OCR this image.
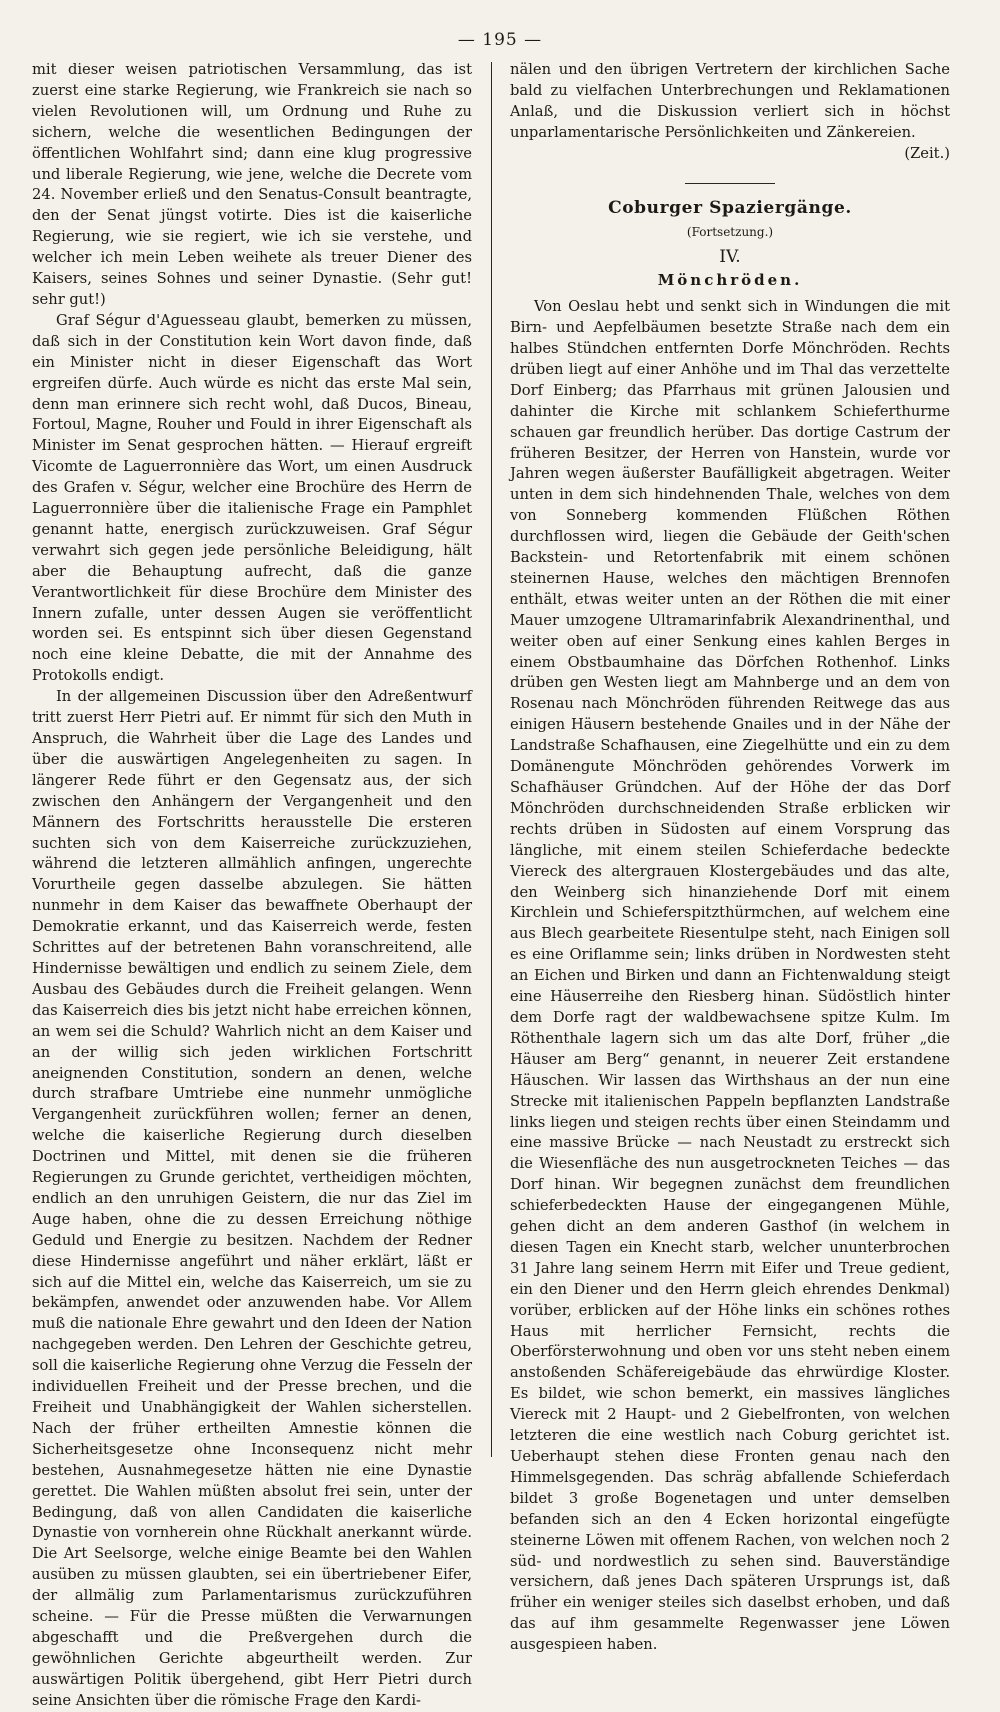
— 195 —

mit dieser weisen patriotischen Versammlung, das ist zuerst eine starke Regierung, wie Frankreich sie nach so vielen Revolutionen will, um Ordnung und Ruhe zu sichern, welche die wesentlichen Bedingungen der öffentlichen Wohlfahrt sind; dann eine klug progressive und liberale Regierung, wie jene, welche die Decrete vom 24. November erließ und den Senatus-Consult beantragte, den der Senat jüngst votirte. Dies ist die kaiserliche Regierung, wie sie regiert, wie ich sie verstehe, und welcher ich mein Leben weihete als treuer Diener des Kaisers, seines Sohnes und seiner Dynastie. (Sehr gut! sehr gut!)

Graf Ségur d'Aguesseau glaubt, bemerken zu müssen, daß sich in der Constitution kein Wort davon finde, daß ein Minister nicht in dieser Eigenschaft das Wort ergreifen dürfe. Auch würde es nicht das erste Mal sein, denn man erinnere sich recht wohl, daß Ducos, Bineau, Fortoul, Magne, Rouher und Fould in ihrer Eigenschaft als Minister im Senat gesprochen hätten. — Hierauf ergreift Vicomte de Laguerronnière das Wort, um einen Ausdruck des Grafen v. Ségur, welcher eine Brochüre des Herrn de Laguerronnière über die italienische Frage ein Pamphlet genannt hatte, energisch zurückzuweisen. Graf Ségur verwahrt sich gegen jede persönliche Beleidigung, hält aber die Behauptung aufrecht, daß die ganze Verantwortlichkeit für diese Brochüre dem Minister des Innern zufalle, unter dessen Augen sie veröffentlicht worden sei. Es entspinnt sich über diesen Gegenstand noch eine kleine Debatte, die mit der Annahme des Protokolls endigt.

In der allgemeinen Discussion über den Adreßentwurf tritt zuerst Herr Pietri auf. Er nimmt für sich den Muth in Anspruch, die Wahrheit über die Lage des Landes und über die auswärtigen Angelegenheiten zu sagen. In längerer Rede führt er den Gegensatz aus, der sich zwischen den Anhängern der Vergangenheit und den Männern des Fortschritts herausstelle Die ersteren suchten sich von dem Kaiserreiche zurückzuziehen, während die letzteren allmählich anfingen, ungerechte Vorurtheile gegen dasselbe abzulegen. Sie hätten nunmehr in dem Kaiser das bewaffnete Oberhaupt der Demokratie erkannt, und das Kaiserreich werde, festen Schrittes auf der betretenen Bahn voranschreitend, alle Hindernisse bewältigen und endlich zu seinem Ziele, dem Ausbau des Gebäudes durch die Freiheit gelangen. Wenn das Kaiserreich dies bis jetzt nicht habe erreichen können, an wem sei die Schuld? Wahrlich nicht an dem Kaiser und an der willig sich jeden wirklichen Fortschritt aneignenden Constitution, sondern an denen, welche durch strafbare Umtriebe eine nunmehr unmögliche Vergangenheit zurückführen wollen; ferner an denen, welche die kaiserliche Regierung durch dieselben Doctrinen und Mittel, mit denen sie die früheren Regierungen zu Grunde gerichtet, vertheidigen möchten, endlich an den unruhigen Geistern, die nur das Ziel im Auge haben, ohne die zu dessen Erreichung nöthige Geduld und Energie zu besitzen. Nachdem der Redner diese Hindernisse angeführt und näher erklärt, läßt er sich auf die Mittel ein, welche das Kaiserreich, um sie zu bekämpfen, anwendet oder anzuwenden habe. Vor Allem muß die nationale Ehre gewahrt und den Ideen der Nation nachgegeben werden. Den Lehren der Geschichte getreu, soll die kaiserliche Regierung ohne Verzug die Fesseln der individuellen Freiheit und der Presse brechen, und die Freiheit und Unabhängigkeit der Wahlen sicherstellen. Nach der früher ertheilten Amnestie können die Sicherheitsgesetze ohne Inconsequenz nicht mehr bestehen, Ausnahmegesetze hätten nie eine Dynastie gerettet. Die Wahlen müßten absolut frei sein, unter der Bedingung, daß von allen Candidaten die kaiserliche Dynastie von vornherein ohne Rückhalt anerkannt würde. Die Art Seelsorge, welche einige Beamte bei den Wahlen ausüben zu müssen glaubten, sei ein übertriebener Eifer, der allmälig zum Parlamentarismus zurückzuführen scheine. — Für die Presse müßten die Verwarnungen abgeschafft und die Preßvergehen durch die gewöhnlichen Gerichte abgeurtheilt werden. Zur auswärtigen Politik übergehend, gibt Herr Pietri durch seine Ansichten über die römische Frage den Kardi-

nälen und den übrigen Vertretern der kirchlichen Sache bald zu vielfachen Unterbrechungen und Reklamationen Anlaß, und die Diskussion verliert sich in höchst unparlamentarische Persönlichkeiten und Zänkereien.
(Zeit.)

Coburger Spaziergänge.
(Fortsetzung.)
IV.
Mönchröden.

Von Oeslau hebt und senkt sich in Windungen die mit Birn- und Aepfelbäumen besetzte Straße nach dem ein halbes Stündchen entfernten Dorfe Mönchröden. Rechts drüben liegt auf einer Anhöhe und im Thal das verzettelte Dorf Einberg; das Pfarrhaus mit grünen Jalousien und dahinter die Kirche mit schlankem Schieferthurme schauen gar freundlich herüber. Das dortige Castrum der früheren Besitzer, der Herren von Hanstein, wurde vor Jahren wegen äußerster Baufälligkeit abgetragen. Weiter unten in dem sich hindehnenden Thale, welches von dem von Sonneberg kommenden Flüßchen Röthen durchflossen wird, liegen die Gebäude der Geith'schen Backstein- und Retortenfabrik mit einem schönen steinernen Hause, welches den mächtigen Brennofen enthält, etwas weiter unten an der Röthen die mit einer Mauer umzogene Ultramarinfabrik Alexandrinenthal, und weiter oben auf einer Senkung eines kahlen Berges in einem Obstbaumhaine das Dörfchen Rothenhof. Links drüben gen Westen liegt am Mahnberge und an dem von Rosenau nach Mönchröden führenden Reitwege das aus einigen Häusern bestehende Gnailes und in der Nähe der Landstraße Schafhausen, eine Ziegelhütte und ein zu dem Domänengute Mönchröden gehörendes Vorwerk im Schafhäuser Gründchen. Auf der Höhe der das Dorf Mönchröden durchschneidenden Straße erblicken wir rechts drüben in Südosten auf einem Vorsprung das längliche, mit einem steilen Schieferdache bedeckte Viereck des altergrauen Klostergebäudes und das alte, den Weinberg sich hinanziehende Dorf mit einem Kirchlein und Schieferspitzthürmchen, auf welchem eine aus Blech gearbeitete Riesentulpe steht, nach Einigen soll es eine Oriflamme sein; links drüben in Nordwesten steht an Eichen und Birken und dann an Fichtenwaldung steigt eine Häuserreihe den Riesberg hinan. Südöstlich hinter dem Dorfe ragt der waldbewachsene spitze Kulm. Im Röthenthale lagern sich um das alte Dorf, früher „die Häuser am Berg“ genannt, in neuerer Zeit erstandene Häuschen. Wir lassen das Wirthshaus an der nun eine Strecke mit italienischen Pappeln bepflanzten Landstraße links liegen und steigen rechts über einen Steindamm und eine massive Brücke — nach Neustadt zu erstreckt sich die Wiesenfläche des nun ausgetrockneten Teiches — das Dorf hinan. Wir begegnen zunächst dem freundlichen schieferbedeckten Hause der eingegangenen Mühle, gehen dicht an dem anderen Gasthof (in welchem in diesen Tagen ein Knecht starb, welcher ununterbrochen 31 Jahre lang seinem Herrn mit Eifer und Treue gedient, ein den Diener und den Herrn gleich ehrendes Denkmal) vorüber, erblicken auf der Höhe links ein schönes rothes Haus mit herrlicher Fernsicht, rechts die Oberförsterwohnung und oben vor uns steht neben einem anstoßenden Schäfereigebäude das ehrwürdige Kloster. Es bildet, wie schon bemerkt, ein massives längliches Viereck mit 2 Haupt- und 2 Giebelfronten, von welchen letzteren die eine westlich nach Coburg gerichtet ist. Ueberhaupt stehen diese Fronten genau nach den Himmelsgegenden. Das schräg abfallende Schieferdach bildet 3 große Bogenetagen und unter demselben befanden sich an den 4 Ecken horizontal eingefügte steinerne Löwen mit offenem Rachen, von welchen noch 2 süd- und nordwestlich zu sehen sind. Bauverständige versichern, daß jenes Dach späteren Ursprungs ist, daß früher ein weniger steiles sich daselbst erhoben, und daß das auf ihm gesammelte Regenwasser jene Löwen ausgespieen haben.
